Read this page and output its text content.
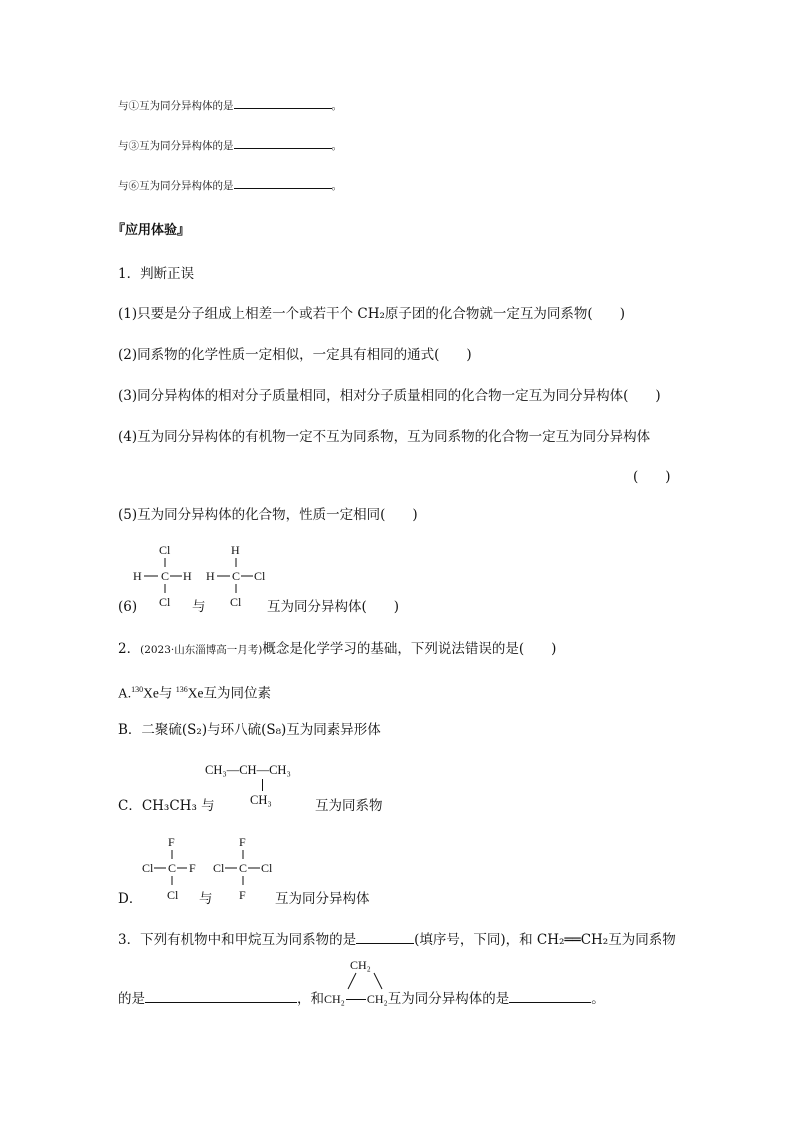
与①互为同分异构体的是	。
与③互为同分异构体的是	。
与⑥互为同分异构体的是	。
『应用体验』
1．判断正误
(1)只要是分子组成上相差一个或若干个 CH₂原子团的化合物就一定互为同系物(　　)
(2)同系物的化学性质一定相似，一定具有相同的通式(　　)
(3)同分异构体的相对分子质量相同，相对分子质量相同的化合物一定互为同分异构体(　　)
(4)互为同分异构体的有机物一定不互为同系物，互为同系物的化合物一定互为同分异构体
(　　)
(5)互为同分异构体的化合物，性质一定相同(　　)
Cl
H C H
Cl
H
H C Cl
Cl
(6)	与	互为同分异构体(　　)
2．(2023·山东淄博高一月考)概念是化学学习的基础，下列说法错误的是(　　)
A.$^{130}$Xe与 $^{136}$Xe互为同位素
B．二聚硫(S₂)与环八硫(S₈)互为同素异形体
CH₃—CH—CH₃
CH₃
C．CH₃CH₃ 与	互为同系物
F
Cl C F
Cl
F
Cl C Cl
F
D．	与	互为同分异构体
3．下列有机物中和甲烷互为同系物的是	(填序号，下同)，和 CH₂══CH₂互为同系物
CH₂
的是	，和CH₂ CH₂互为同分异构体的是	。
